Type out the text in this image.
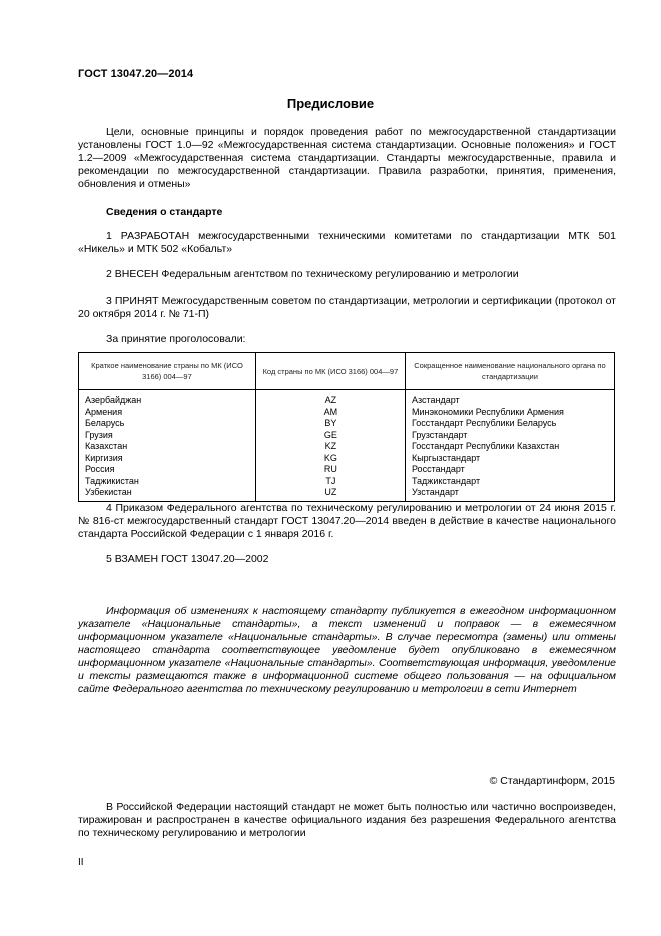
ГОСТ 13047.20—2014
Предисловие
Цели, основные принципы и порядок проведения работ по межгосударственной стандартизации установлены ГОСТ 1.0—92 «Межгосударственная система стандартизации. Основные положения» и ГОСТ 1.2—2009 «Межгосударственная система стандартизации. Стандарты межгосударственные, правила и рекомендации по межгосударственной стандартизации. Правила разработки, принятия, применения, обновления и отмены»
Сведения о стандарте
1 РАЗРАБОТАН межгосударственными техническими комитетами по стандартизации МТК 501 «Никель» и МТК 502 «Кобальт»
2 ВНЕСЕН Федеральным агентством по техническому регулированию и метрологии
3 ПРИНЯТ Межгосударственным советом по стандартизации, метрологии и сертификации (протокол от 20 октября 2014 г. № 71-П)
За принятие проголосовали:
Краткое наименование страны по МК (ИСО 3166) 004—97	Код страны по МК (ИСО 3166) 004—97	Сокращенное наименование национального органа по стандартизации
Азербайджан	AZ	Азстандарт
Армения	AM	Минэкономики Республики Армения
Беларусь	BY	Госстандарт Республики Беларусь
Грузия	GE	Грузстандарт
Казахстан	KZ	Госстандарт Республики Казахстан
Киргизия	KG	Кыргызстандарт
Россия	RU	Росстандарт
Таджикистан	TJ	Таджикстандарт
Узбекистан	UZ	Узстандарт
4 Приказом Федерального агентства по техническому регулированию и метрологии от 24 июня 2015 г. № 816-ст межгосударственный стандарт ГОСТ 13047.20—2014 введен в действие в качестве национального стандарта Российской Федерации с 1 января 2016 г.
5 ВЗАМЕН ГОСТ 13047.20—2002
Информация об изменениях к настоящему стандарту публикуется в ежегодном информационном указателе «Национальные стандарты», а текст изменений и поправок — в ежемесячном информационном указателе «Национальные стандарты». В случае пересмотра (замены) или отмены настоящего стандарта соответствующее уведомление будет опубликовано в ежемесячном информационном указателе «Национальные стандарты». Соответствующая информация, уведомление и тексты размещаются также в информационной системе общего пользования — на официальном сайте Федерального агентства по техническому регулированию и метрологии в сети Интернет
© Стандартинформ, 2015
В Российской Федерации настоящий стандарт не может быть полностью или частично воспроизведен, тиражирован и распространен в качестве официального издания без разрешения Федерального агентства по техническому регулированию и метрологии
II
